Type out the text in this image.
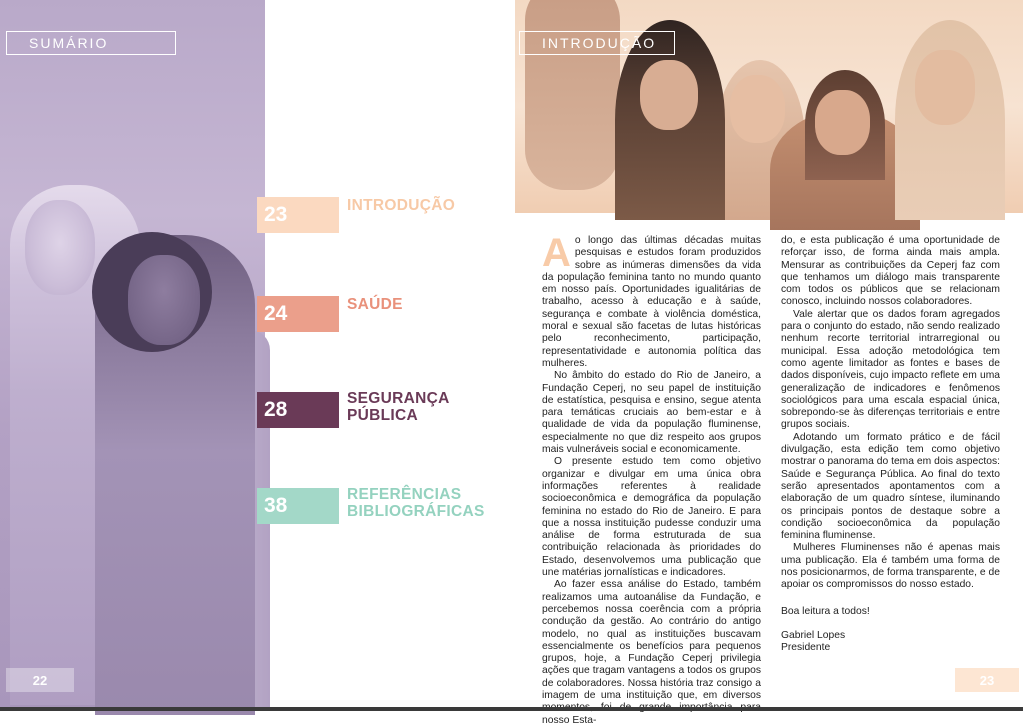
SUMÁRIO
23	INTRODUÇÃO
24	SAÚDE
28	SEGURANÇA
PÚBLICA
38	REFERÊNCIAS
BIBLIOGRÁFICAS
22
INTRODUÇÃO

Ao longo das últimas décadas muitas pesquisas e estudos foram produzidos sobre as inúmeras dimensões da vida da população feminina tanto no mundo quanto em nosso país. Oportunidades igualitárias de trabalho, acesso à educação e à saúde, segurança e combate à violência doméstica, moral e sexual são facetas de lutas históricas pelo reconhecimento, participação, representatividade e autonomia política das mulheres.

No âmbito do estado do Rio de Janeiro, a Fundação Ceperj, no seu papel de instituição de estatística, pesquisa e ensino, segue atenta para temáticas cruciais ao bem-estar e à qualidade de vida da população fluminense, especialmente no que diz respeito aos grupos mais vulneráveis social e economicamente.

O presente estudo tem como objetivo organizar e divulgar em uma única obra informações referentes à realidade socioeconômica e demográfica da população feminina no estado do Rio de Janeiro. E para que a nossa instituição pudesse conduzir uma análise de forma estruturada de sua contribuição relacionada às prioridades do Estado, desenvolvemos uma publicação que une matérias jornalísticas e indicadores.

Ao fazer essa análise do Estado, também realizamos uma autoanálise da Fundação, e percebemos nossa coerência com a própria condução da gestão. Ao contrário do antigo modelo, no qual as instituições buscavam essencialmente os benefícios para pequenos grupos, hoje, a Fundação Ceperj privilegia ações que tragam vantagens a todos os grupos de colaboradores. Nossa história traz consigo a imagem de uma instituição que, em diversos nosso Esta-

do, e esta publicação é uma oportunidade de reforçar isso, de forma ainda mais ampla. Mensurar as contribuições da Ceperj faz com que tenhamos um diálogo mais transparente com todos os públicos que se relacionam conosco, incluindo nossos colaboradores.

Vale alertar que os dados foram agregados para o conjunto do estado, não sendo realizado nenhum recorte territorial intrarregional ou municipal. Essa adoção metodológica tem como agente limitador as fontes e bases de dados disponíveis, cujo impacto reflete em uma generalização de indicadores e fenômenos sociológicos para uma escala espacial única, sobrepondo-se às diferenças territoriais e entre grupos sociais.

Adotando um formato prático e de fácil divulgação, esta edição tem como objetivo mostrar o panorama do tema em dois aspectos: Saúde e Segurança Pública. Ao final do texto serão apresentados apontamentos com a elaboração de um quadro síntese, iluminando os principais pontos de destaque sobre a condição socioeconômica da população feminina fluminense.

Mulheres Fluminenses não é apenas mais uma publicação. Ela é também uma forma de nos posicionarmos, de forma transparente, e de apoiar os compromissos do nosso estado.

Boa leitura a todos!

Gabriel Lopes

Presidente

23
